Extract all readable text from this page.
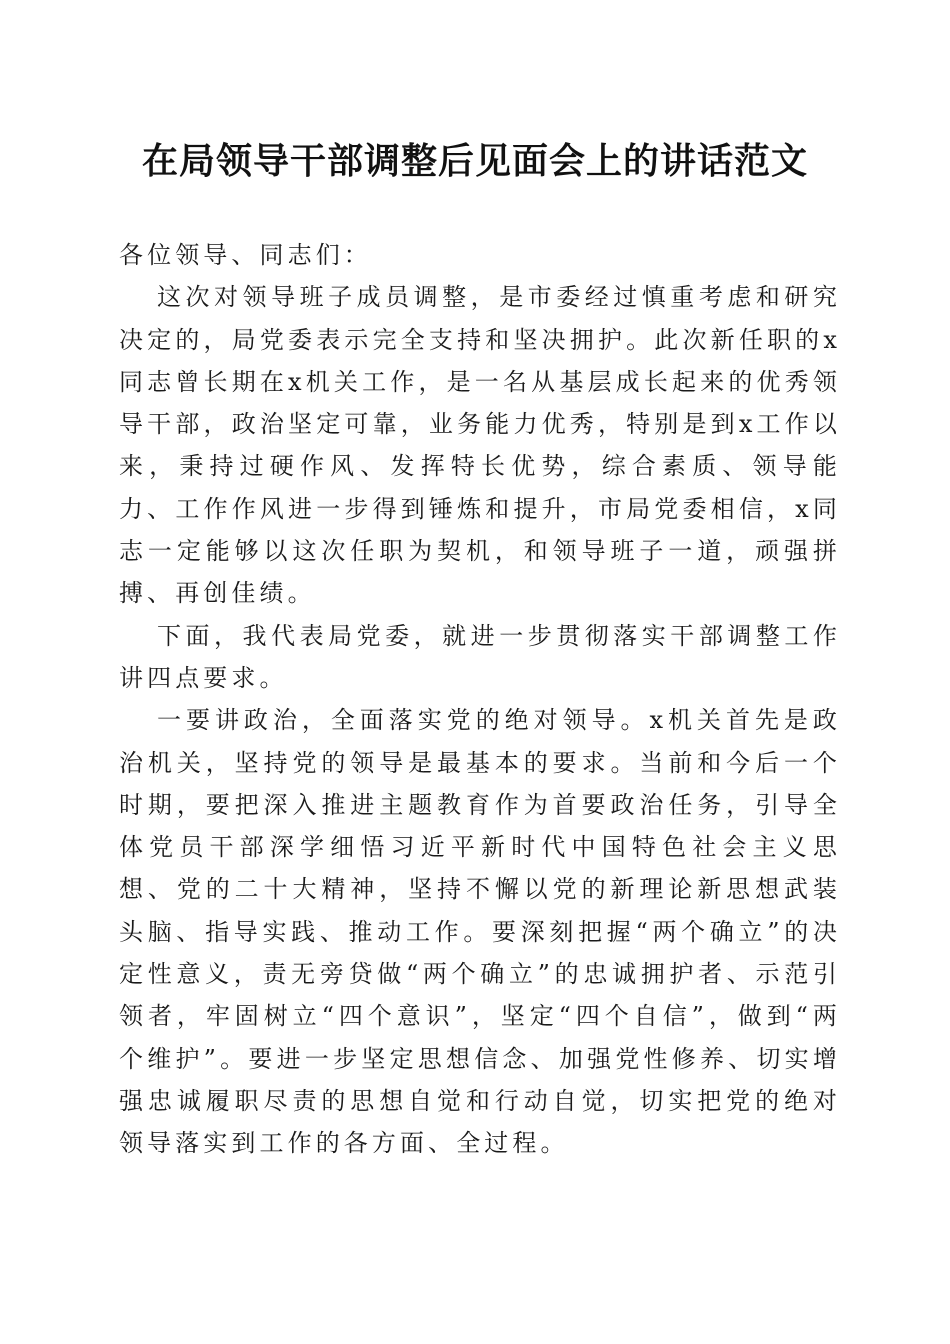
在局领导干部调整后见面会上的讲话范文

各位领导、同志们：

这次对领导班子成员调整，是市委经过慎重考虑和研究决定的，局党委表示完全支持和坚决拥护。此次新任职的x同志曾长期在x机关工作，是一名从基层成长起来的优秀领导干部，政治坚定可靠，业务能力优秀，特别是到x工作以来，秉持过硬作风、发挥特长优势，综合素质、领导能力、工作作风进一步得到锤炼和提升，市局党委相信，x同志一定能够以这次任职为契机，和领导班子一道，顽强拼搏、再创佳绩。

下面，我代表局党委，就进一步贯彻落实干部调整工作讲四点要求。

一要讲政治，全面落实党的绝对领导。x机关首先是政治机关，坚持党的领导是最基本的要求。当前和今后一个时期，要把深入推进主题教育作为首要政治任务，引导全体党员干部深学细悟习近平新时代中国特色社会主义思想、党的二十大精神，坚持不懈以党的新理论新思想武装头脑、指导实践、推动工作。要深刻把握“两个确立”的决定性意义，责无旁贷做“两个确立”的忠诚拥护者、示范引领者，牢固树立“四个意识”，坚定“四个自信”，做到“两个维护”。要进一步坚定思想信念、加强党性修养、切实增强忠诚履职尽责的思想自觉和行动自觉，切实把党的绝对领导落实到工作的各方面、全过程。
